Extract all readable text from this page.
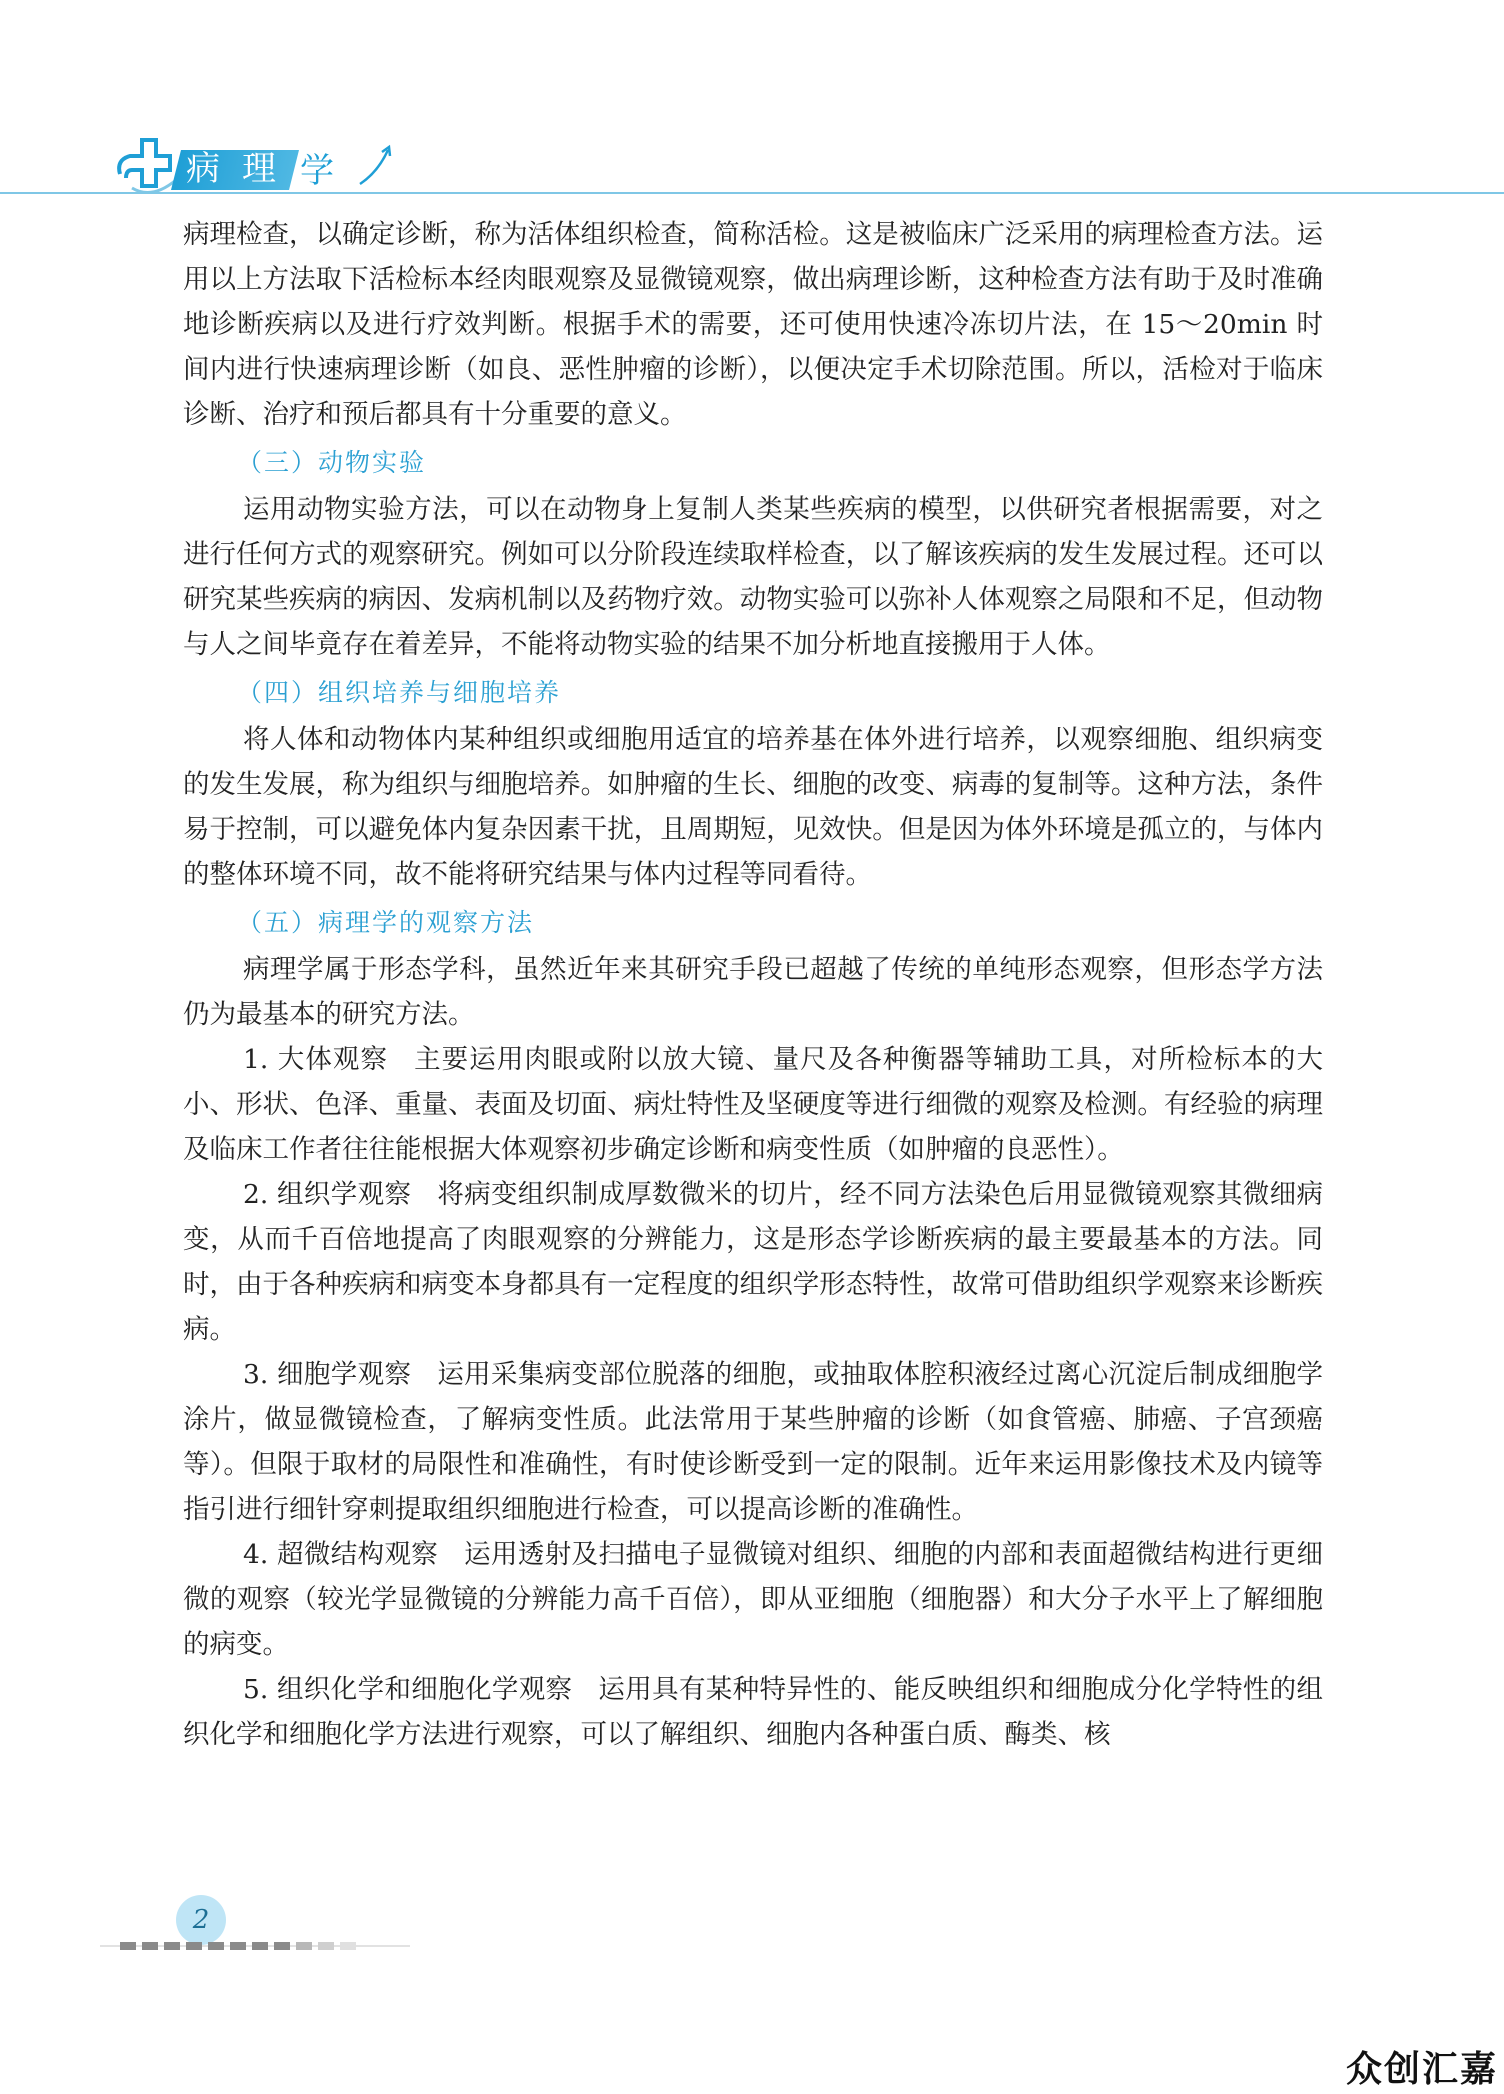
病理 学

病理检查，以确定诊断，称为活体组织检查，简称活检。这是被临床广泛采用的病理检查方法。运用以上方法取下活检标本经肉眼观察及显微镜观察，做出病理诊断，这种检查方法有助于及时准确地诊断疾病以及进行疗效判断。根据手术的需要，还可使用快速冷冻切片法，在 15～20min 时间内进行快速病理诊断（如良、恶性肿瘤的诊断），以便决定手术切除范围。所以，活检对于临床诊断、治疗和预后都具有十分重要的意义。

（三）动物实验

运用动物实验方法，可以在动物身上复制人类某些疾病的模型，以供研究者根据需要，对之进行任何方式的观察研究。例如可以分阶段连续取样检查，以了解该疾病的发生发展过程。还可以研究某些疾病的病因、发病机制以及药物疗效。动物实验可以弥补人体观察之局限和不足，但动物与人之间毕竟存在着差异，不能将动物实验的结果不加分析地直接搬用于人体。

（四）组织培养与细胞培养

将人体和动物体内某种组织或细胞用适宜的培养基在体外进行培养，以观察细胞、组织病变的发生发展，称为组织与细胞培养。如肿瘤的生长、细胞的改变、病毒的复制等。这种方法，条件易于控制，可以避免体内复杂因素干扰，且周期短，见效快。但是因为体外环境是孤立的，与体内的整体环境不同，故不能将研究结果与体内过程等同看待。

（五）病理学的观察方法

病理学属于形态学科，虽然近年来其研究手段已超越了传统的单纯形态观察，但形态学方法仍为最基本的研究方法。

1. 大体观察 主要运用肉眼或附以放大镜、量尺及各种衡器等辅助工具，对所检标本的大小、形状、色泽、重量、表面及切面、病灶特性及坚硬度等进行细微的观察及检测。有经验的病理及临床工作者往往能根据大体观察初步确定诊断和病变性质（如肿瘤的良恶性）。

2. 组织学观察 将病变组织制成厚数微米的切片，经不同方法染色后用显微镜观察其微细病变，从而千百倍地提高了肉眼观察的分辨能力，这是形态学诊断疾病的最主要最基本的方法。同时，由于各种疾病和病变本身都具有一定程度的组织学形态特性，故常可借助组织学观察来诊断疾病。

3. 细胞学观察 运用采集病变部位脱落的细胞，或抽取体腔积液经过离心沉淀后制成细胞学涂片，做显微镜检查，了解病变性质。此法常用于某些肿瘤的诊断（如食管癌、肺癌、子宫颈癌等）。但限于取材的局限性和准确性，有时使诊断受到一定的限制。近年来运用影像技术及内镜等指引进行细针穿刺提取组织细胞进行检查，可以提高诊断的准确性。

4. 超微结构观察 运用透射及扫描电子显微镜对组织、细胞的内部和表面超微结构进行更细微的观察（较光学显微镜的分辨能力高千百倍），即从亚细胞（细胞器）和大分子水平上了解细胞的病变。

5. 组织化学和细胞化学观察 运用具有某种特异性的、能反映组织和细胞成分化学特性的组织化学和细胞化学方法进行观察，可以了解组织、细胞内各种蛋白质、酶类、核

2
众创汇嘉
